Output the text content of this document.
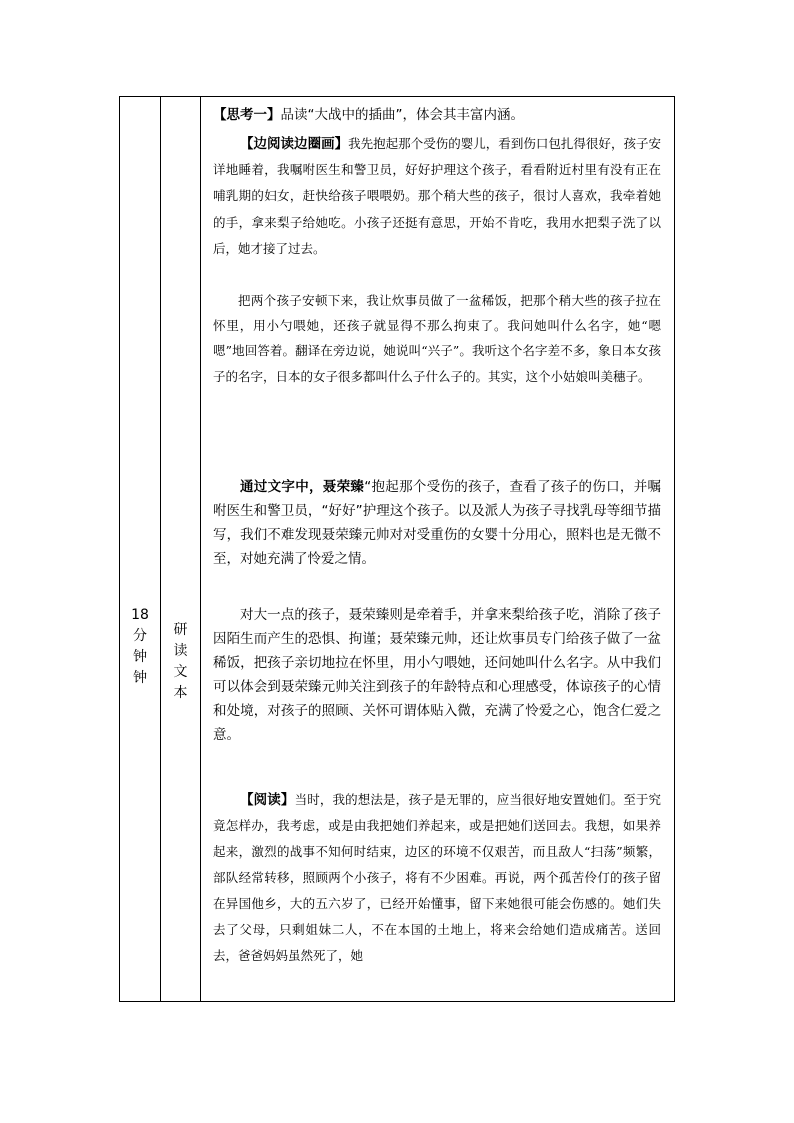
18
分
钟
钟
研
读
文
本

【思考一】品读“大战中的插曲”，体会其丰富内涵。

【边阅读边圈画】我先抱起那个受伤的婴儿，看到伤口包扎得很好，孩子安详地睡着，我嘱咐医生和警卫员，好好护理这个孩子，看看附近村里有没有正在哺乳期的妇女，赶快给孩子喂喂奶。那个稍大些的孩子，很讨人喜欢，我牵着她的手，拿来梨子给她吃。小孩子还挺有意思，开始不肯吃，我用水把梨子洗了以后，她才接了过去。

把两个孩子安顿下来，我让炊事员做了一盆稀饭，把那个稍大些的孩子拉在怀里，用小勺喂她，还孩子就显得不那么拘束了。我问她叫什么名字，她“嗯嗯”地回答着。翻译在旁边说，她说叫“兴子”。我听这个名字差不多，象日本女孩子的名字，日本的女子很多都叫什么子什么子的。其实，这个小姑娘叫美穗子。

通过文字中，聂荣臻“抱起那个受伤的孩子，查看了孩子的伤口，并嘱咐医生和警卫员，“好好”护理这个孩子。以及派人为孩子寻找乳母等细节描写，我们不难发现聂荣臻元帅对对受重伤的女婴十分用心，照料也是无微不至，对她充满了怜爱之情。

对大一点的孩子，聂荣臻则是牵着手，并拿来梨给孩子吃，消除了孩子因陌生而产生的恐惧、拘谨；聂荣臻元帅，还让炊事员专门给孩子做了一盆稀饭，把孩子亲切地拉在怀里，用小勺喂她，还问她叫什么名字。从中我们可以体会到聂荣臻元帅关注到孩子的年龄特点和心理感受，体谅孩子的心情和处境，对孩子的照顾、关怀可谓体贴入微，充满了怜爱之心，饱含仁爱之意。

【阅读】当时，我的想法是，孩子是无罪的，应当很好地安置她们。至于究竟怎样办，我考虑，或是由我把她们养起来，或是把她们送回去。我想，如果养起来，激烈的战事不知何时结束，边区的环境不仅艰苦，而且敌人“扫荡”频繁，部队经常转移，照顾两个小孩子，将有不少困难。再说，两个孤苦伶仃的孩子留在异国他乡，大的五六岁了，已经开始懂事，留下来她很可能会伤感的。她们失去了父母，只剩姐妹二人，不在本国的土地上，将来会给她们造成痛苦。送回去，爸爸妈妈虽然死了，她
